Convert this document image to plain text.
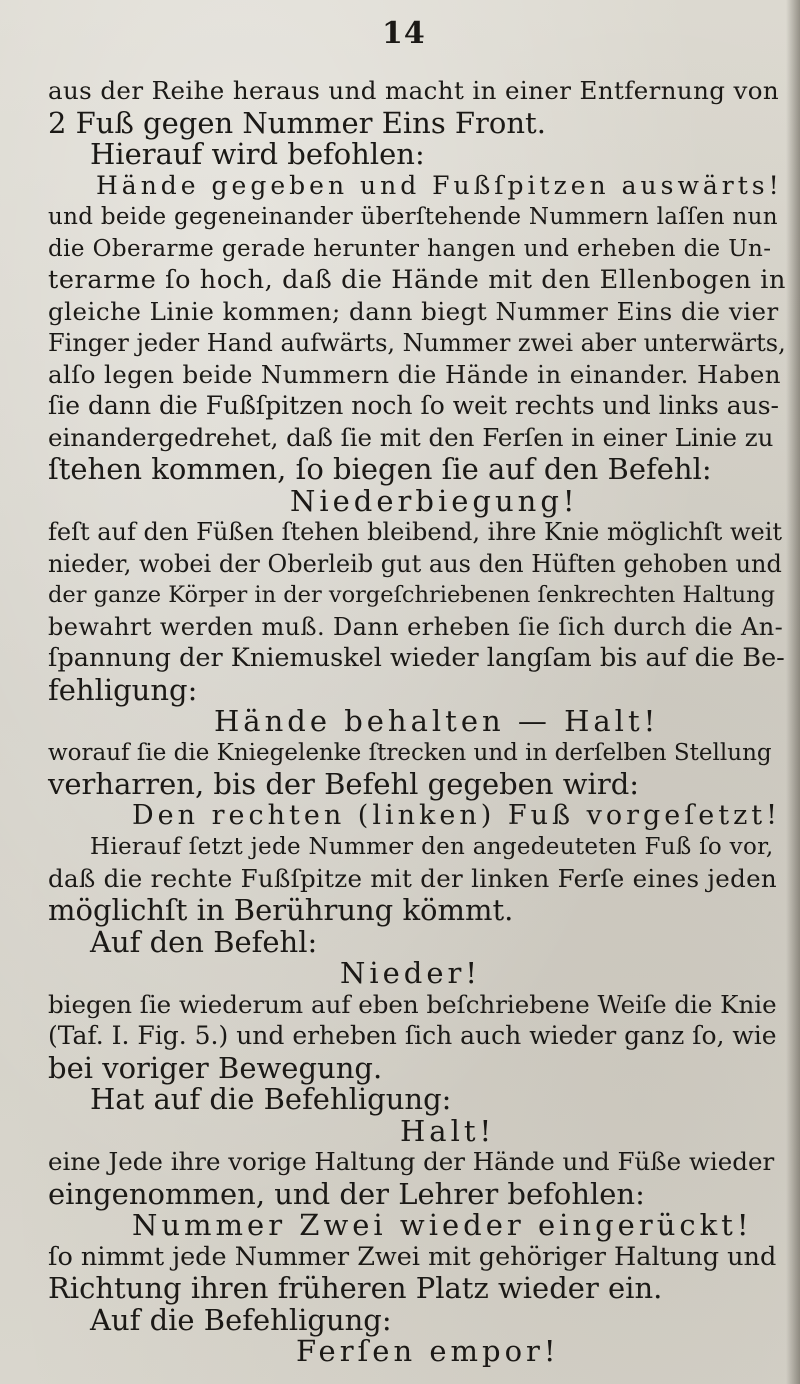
14
aus der Reihe heraus und macht in einer Entfernung von
2 Fuß gegen Nummer Eins Front.
Hierauf wird befohlen:
Hände gegeben und Fußſpitzen auswärts!
und beide gegeneinander überſtehende Nummern laſſen nun
die Oberarme gerade herunter hangen und erheben die Un-
terarme ſo hoch, daß die Hände mit den Ellenbogen in
gleiche Linie kommen; dann biegt Nummer Eins die vier
Finger jeder Hand aufwärts, Nummer zwei aber unterwärts,
alſo legen beide Nummern die Hände in einander. Haben
ſie dann die Fußſpitzen noch ſo weit rechts und links aus-
einandergedrehet, daß ſie mit den Ferſen in einer Linie zu
ſtehen kommen, ſo biegen ſie auf den Befehl:
Niederbiegung!
feſt auf den Füßen ſtehen bleibend, ihre Knie möglichſt weit
nieder, wobei der Oberleib gut aus den Hüften gehoben und
der ganze Körper in der vorgeſchriebenen ſenkrechten Haltung
bewahrt werden muß. Dann erheben ſie ſich durch die An-
ſpannung der Kniemuskel wieder langſam bis auf die Be-
fehligung:
Hände behalten — Halt!
worauf ſie die Kniegelenke ſtrecken und in derſelben Stellung
verharren, bis der Befehl gegeben wird:
Den rechten (linken) Fuß vorgeſetzt!
Hierauf ſetzt jede Nummer den angedeuteten Fuß ſo vor,
daß die rechte Fußſpitze mit der linken Ferſe eines jeden
möglichſt in Berührung kömmt.
Auf den Befehl:
Nieder!
biegen ſie wiederum auf eben beſchriebene Weiſe die Knie
(Taf. I. Fig. 5.) und erheben ſich auch wieder ganz ſo, wie
bei voriger Bewegung.
Hat auf die Befehligung:
Halt!
eine Jede ihre vorige Haltung der Hände und Füße wieder
eingenommen, und der Lehrer befohlen:
Nummer Zwei wieder eingerückt!
ſo nimmt jede Nummer Zwei mit gehöriger Haltung und
Richtung ihren früheren Platz wieder ein.
Auf die Befehligung:
Ferſen empor!
